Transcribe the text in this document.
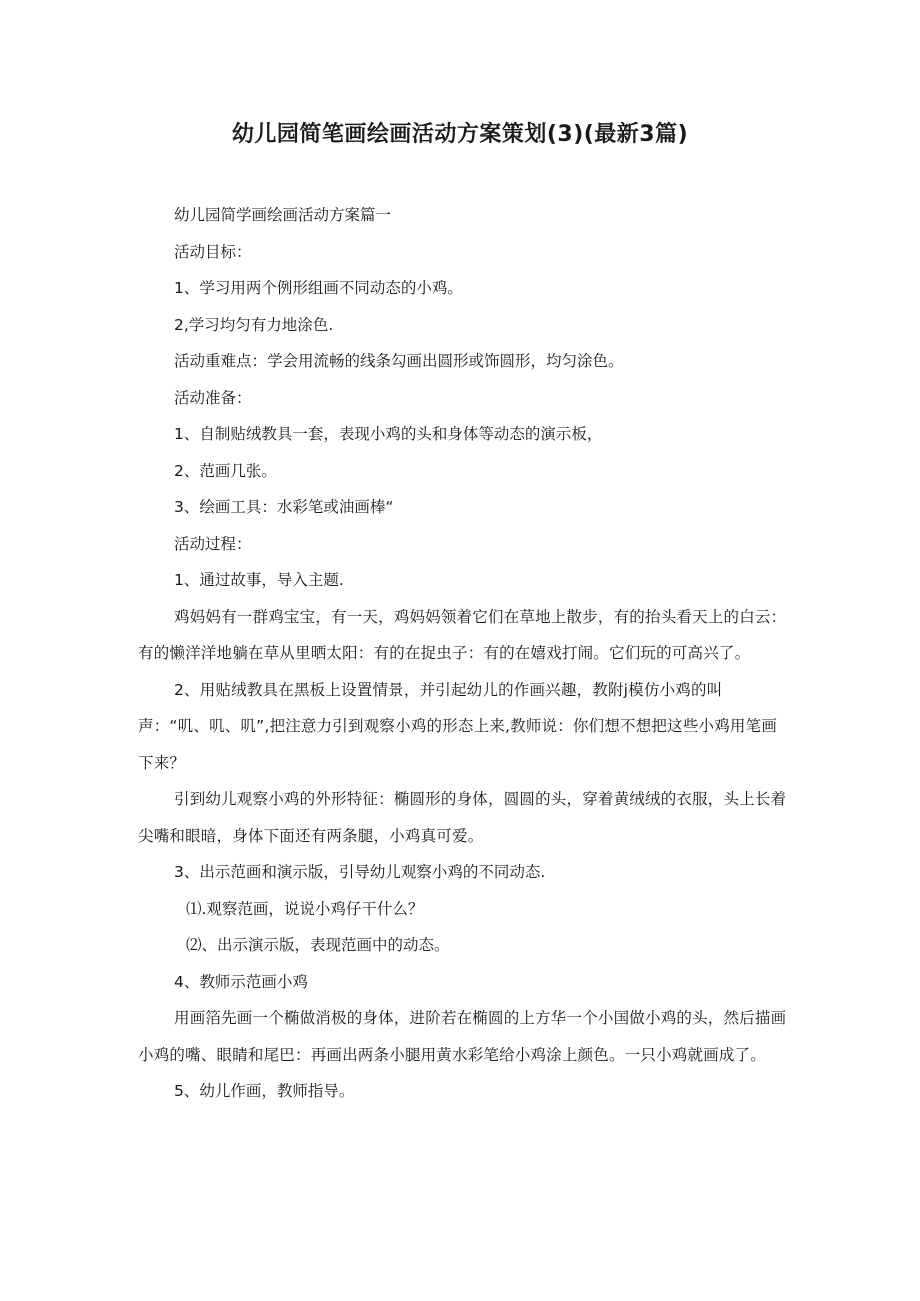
幼儿园简笔画绘画活动方案策划(3)(最新3篇)

幼儿园简学画绘画活动方案篇一

活动目标：

1、学习用两个例形组画不同动态的小鸡。

2,学习均匀有力地涂色.

活动重难点：学会用流畅的线条勾画出圆形或饰圆形，均匀涂色。

活动准备：

1、自制贴绒教具一套，表现小鸡的头和身体等动态的演示板，

2、范画几张。

3、绘画工具：水彩笔或油画棒“

活动过程：

1、通过故事，导入主题.

鸡妈妈有一群鸡宝宝，有一天，鸡妈妈领着它们在草地上散步，有的抬头看天上的白云：有的懒洋洋地躺在草从里晒太阳：有的在捉虫子：有的在嬉戏打闹。它们玩的可高兴了。

2、用贴绒教具在黑板上设置情景，并引起幼儿的作画兴趣，教附j模仿小鸡的叫声：“叽、叽、叽”,把注意力引到观察小鸡的形态上来,教师说：你们想不想把这些小鸡用笔画下来？

引到幼儿观察小鸡的外形特征：椭圆形的身体，圆圆的头，穿着黄绒绒的衣服，头上长着尖嘴和眼暗，身体下面还有两条腿，小鸡真可爱。

3、出示范画和演示版，引导幼儿观察小鸡的不同动态.

⑴.观察范画，说说小鸡仔干什么？

⑵、出示演示版，表现范画中的动态。

4、教师示范画小鸡

用画箔先画一个椭做消极的身体，进阶若在椭圆的上方华一个小国做小鸡的头，然后描画小鸡的嘴、眼睛和尾巴：再画出两条小腿用黄水彩笔给小鸡涂上颜色。一只小鸡就画成了。

5、幼儿作画，教师指导。
